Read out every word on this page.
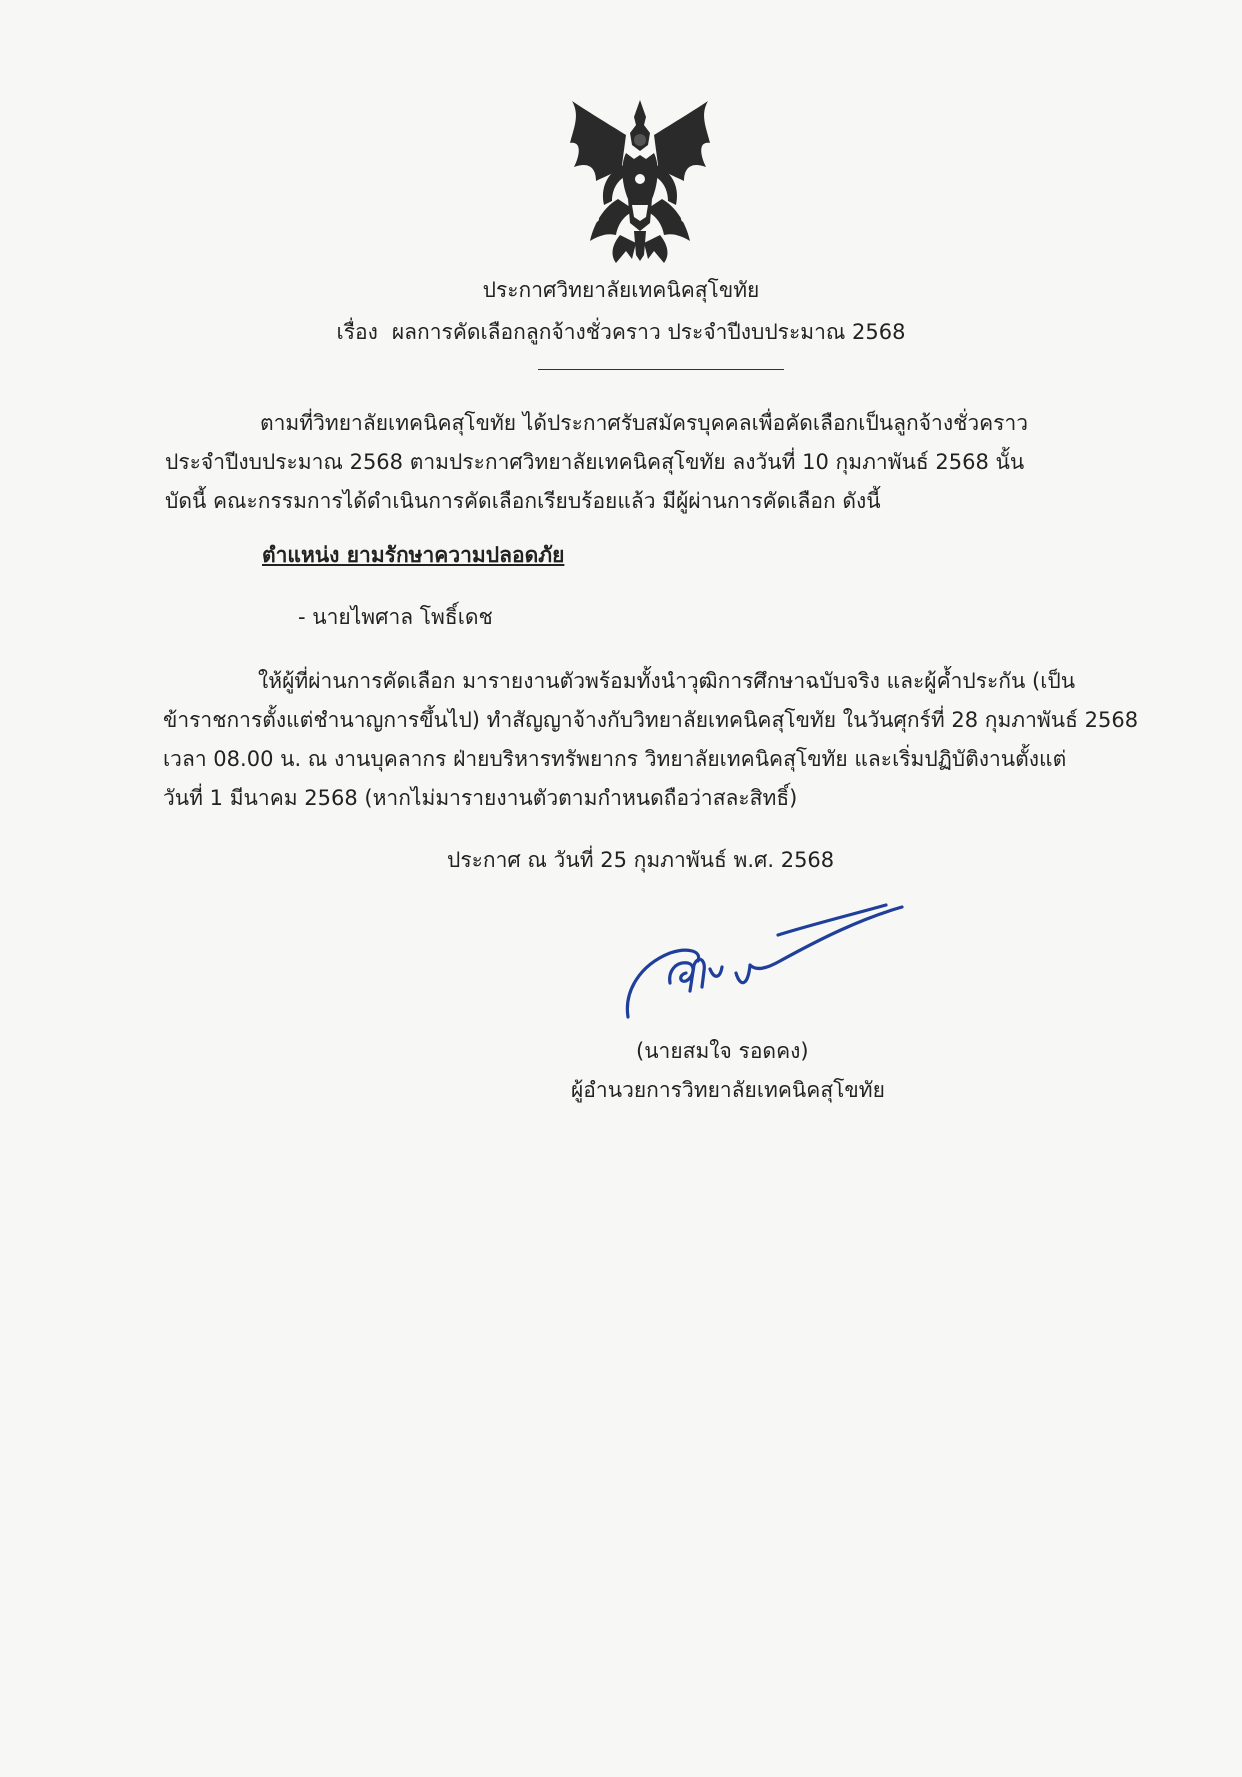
ประกาศวิทยาลัยเทคนิคสุโขทัย
เรื่อง ผลการคัดเลือกลูกจ้างชั่วคราว ประจำปีงบประมาณ 2568
ตามที่วิทยาลัยเทคนิคสุโขทัย ได้ประกาศรับสมัครบุคคลเพื่อคัดเลือกเป็นลูกจ้างชั่วคราว
ประจำปีงบประมาณ 2568 ตามประกาศวิทยาลัยเทคนิคสุโขทัย ลงวันที่ 10 กุมภาพันธ์ 2568 นั้น
บัดนี้ คณะกรรมการได้ดำเนินการคัดเลือกเรียบร้อยแล้ว มีผู้ผ่านการคัดเลือก ดังนี้
ตำแหน่ง ยามรักษาความปลอดภัย
- นายไพศาล โพธิ์เดช
ให้ผู้ที่ผ่านการคัดเลือก มารายงานตัวพร้อมทั้งนำวุฒิการศึกษาฉบับจริง และผู้ค้ำประกัน (เป็น
ข้าราชการตั้งแต่ชำนาญการขึ้นไป) ทำสัญญาจ้างกับวิทยาลัยเทคนิคสุโขทัย ในวันศุกร์ที่ 28 กุมภาพันธ์ 2568
เวลา 08.00 น. ณ งานบุคลากร ฝ่ายบริหารทรัพยากร วิทยาลัยเทคนิคสุโขทัย และเริ่มปฏิบัติงานตั้งแต่
วันที่ 1 มีนาคม 2568 (หากไม่มารายงานตัวตามกำหนดถือว่าสละสิทธิ์)
ประกาศ ณ วันที่ 25 กุมภาพันธ์ พ.ศ. 2568
(นายสมใจ รอดคง)
ผู้อำนวยการวิทยาลัยเทคนิคสุโขทัย
